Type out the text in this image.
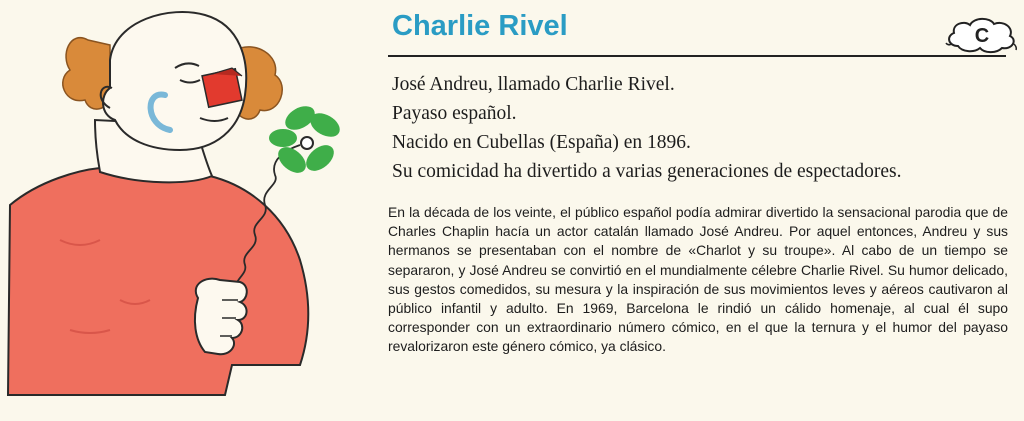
Charlie Rivel	C
José Andreu, llamado Charlie Rivel.
Payaso español.
Nacido en Cubellas (España) en 1896.
Su comicidad ha divertido a varias generaciones de espectadores.

En la década de los veinte, el público español podía admirar divertido la sensacional parodia que de Charles Chaplin hacía un actor catalán llamado José Andreu. Por aquel entonces, Andreu y sus hermanos se presentaban con el nombre de «Charlot y su troupe». Al cabo de un tiempo se separaron, y José Andreu se convirtió en el mundialmente célebre Charlie Rivel. Su humor delicado, sus gestos comedidos, su mesura y la inspiración de sus movimientos leves y aéreos cautivaron al público infantil y adulto. En 1969, Barcelona le rindió un cálido homenaje, al cual él supo corresponder con un extraordinario número cómico, en el que la ternura y el humor del payaso revalorizaron este género cómico, ya clásico.
